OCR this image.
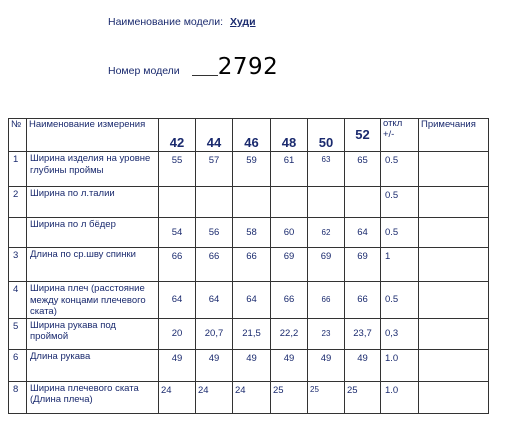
Наименование модели: Худи
Номер модели 2792
№	Наименование измерения	42	44	46	48	50	52	откл +/-	Примечания
1	Ширина изделия на уровне глубины проймы	55	57	59	61	63	65	0.5	
2	Ширина по л.талии							0.5	
	Ширина по л бёдер	54	56	58	60	62	64	0.5	
3	Длина по ср.шву спинки	66	66	66	69	69	69	1	
4	Ширина плеч (расстояние между концами плечевого ската)	64	64	64	66	66	66	0.5	
5	Ширина рукава под проймой	20	20,7	21,5	22,2	23	23,7	0,3	
6	Длина рукава	49	49	49	49	49	49	1.0	
8	Ширина плечевого ската (Длина плеча)	24	24	24	25	25	25	1.0	
